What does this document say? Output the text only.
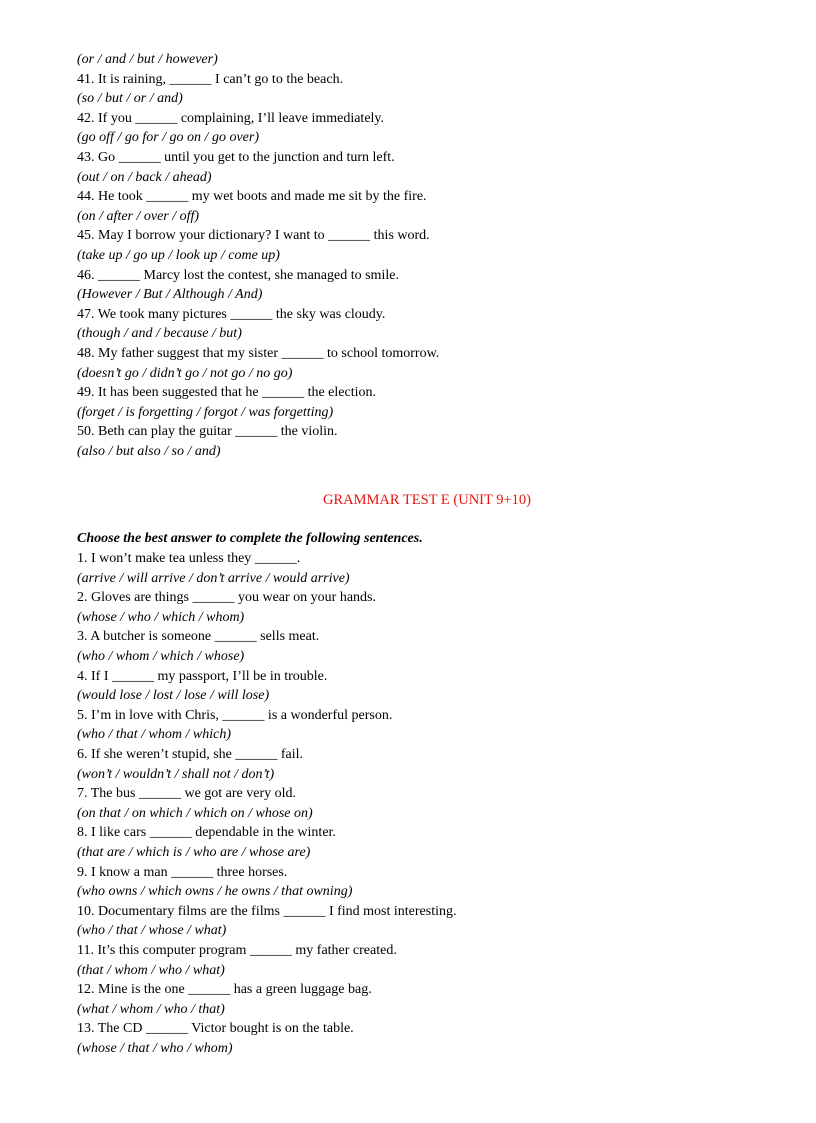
(or / and / but / however)
41. It is raining, ______ I can’t go to the beach.
(so / but / or / and)
42. If you ______ complaining, I’ll leave immediately.
(go off / go for / go on / go over)
43. Go ______ until you get to the junction and turn left.
(out / on / back / ahead)
44. He took ______ my wet boots and made me sit by the fire.
(on / after / over / off)
45. May I borrow your dictionary? I want to ______ this word.
(take up / go up / look up / come up)
46. ______ Marcy lost the contest, she managed to smile.
(However / But / Although / And)
47. We took many pictures ______ the sky was cloudy.
(though / and / because / but)
48. My father suggest that my sister ______ to school tomorrow.
(doesn’t go / didn’t go / not go / no go)
49. It has been suggested that he ______ the election.
(forget / is forgetting / forgot / was forgetting)
50. Beth can play the guitar ______ the violin.
(also / but also / so / and)
GRAMMAR TEST E (UNIT 9+10)
Choose the best answer to complete the following sentences.
1. I won’t make tea unless they ______.
(arrive / will arrive / don’t arrive / would arrive)
2. Gloves are things ______ you wear on your hands.
(whose / who / which / whom)
3. A butcher is someone ______ sells meat.
(who / whom / which / whose)
4. If I ______ my passport, I’ll be in trouble.
(would lose / lost / lose / will lose)
5. I’m in love with Chris, ______ is a wonderful person.
(who / that / whom / which)
6. If she weren’t stupid, she ______ fail.
(won’t / wouldn’t / shall not / don’t)
7. The bus ______ we got are very old.
(on that / on which / which on / whose on)
8. I like cars ______ dependable in the winter.
(that are / which is / who are / whose are)
9. I know a man ______ three horses.
(who owns / which owns / he owns / that owning)
10. Documentary films are the films ______ I find most interesting.
(who / that / whose / what)
11. It’s this computer program ______ my father created.
(that / whom / who / what)
12. Mine is the one ______ has a green luggage bag.
(what / whom / who / that)
13. The CD ______ Victor bought is on the table.
(whose / that / who / whom)
